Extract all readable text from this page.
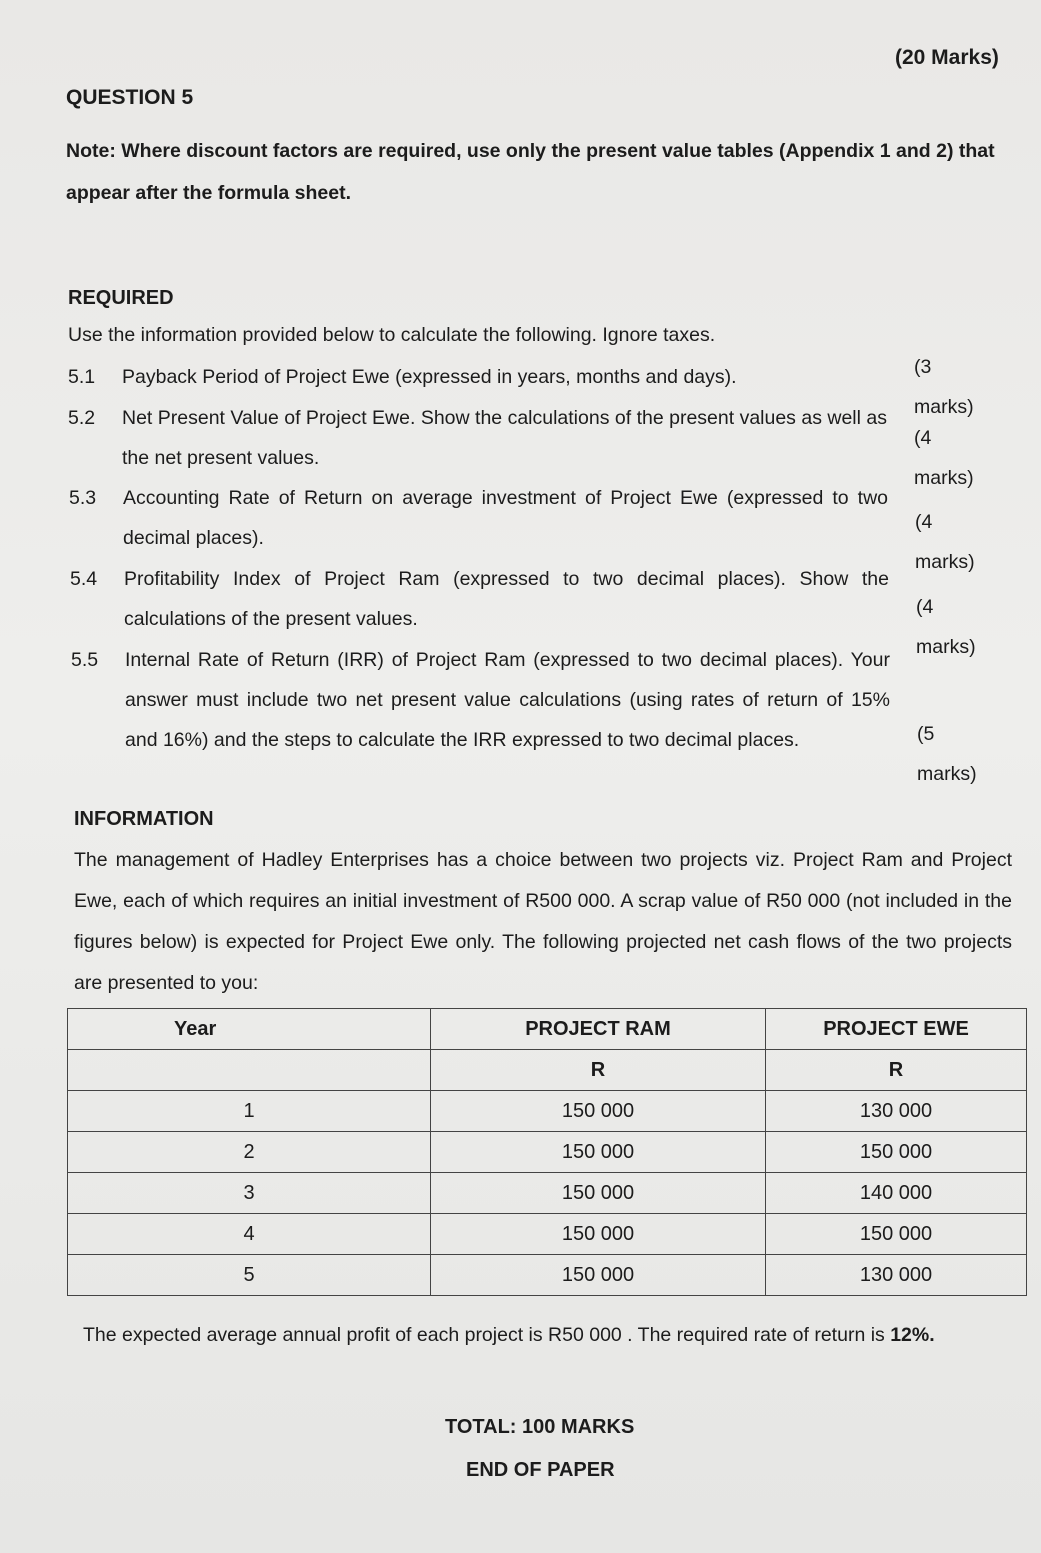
(20 Marks)
QUESTION 5
Note: Where discount factors are required, use only the present value tables (Appendix 1 and 2) that appear after the formula sheet.
REQUIRED
Use the information provided below to calculate the following. Ignore taxes.
5.1 Payback Period of Project Ewe (expressed in years, months and days).	(3 marks)
5.2 Net Present Value of Project Ewe. Show the calculations of the present values as well as the net present values.
(4 marks)
5.3 Accounting Rate of Return on average investment of Project Ewe (expressed to two decimal places).
(4 marks)
5.4 Profitability Index of Project Ram (expressed to two decimal places). Show the calculations of the present values.
(4 marks)
5.5 Internal Rate of Return (IRR) of Project Ram (expressed to two decimal places). Your answer must include two net present value calculations (using rates of return of 15% and 16%) and the steps to calculate the IRR expressed to two decimal places.	(5 marks)
INFORMATION
The management of Hadley Enterprises has a choice between two projects viz. Project Ram and Project Ewe, each of which requires an initial investment of R500 000. A scrap value of R50 000 (not included in the figures below) is expected for Project Ewe only. The following projected net cash flows of the two projects are presented to you:
Year	PROJECT RAM	PROJECT EWE
	R	R
1	150 000	130 000
2	150 000	150 000
3	150 000	140 000
4	150 000	150 000
5	150 000	130 000
The expected average annual profit of each project is R50 000 . The required rate of return is 12%.
TOTAL: 100 MARKS
END OF PAPER
